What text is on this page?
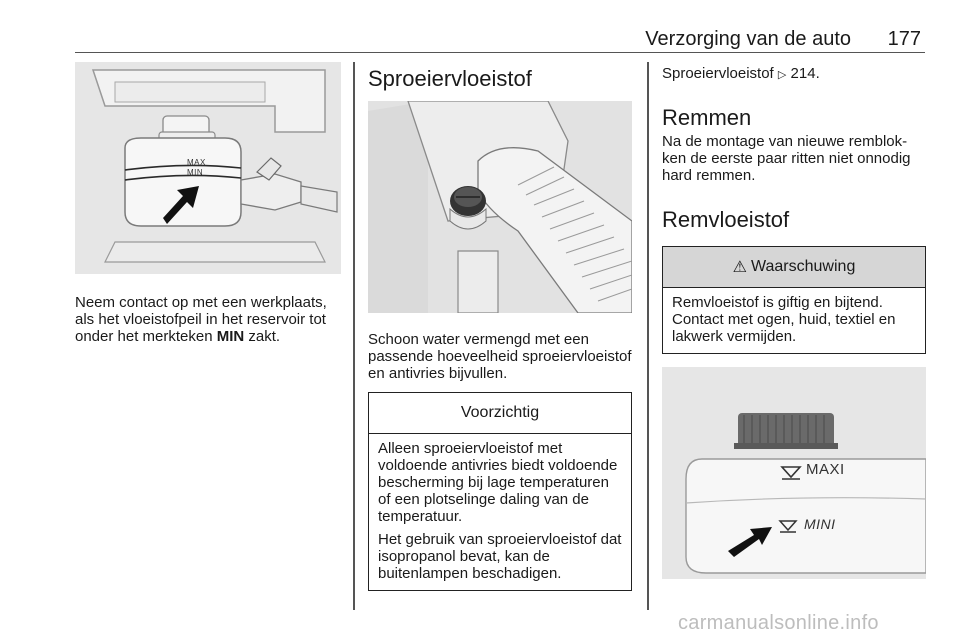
Verzorging van de auto 177
MAX
MIN

Neem contact op met een werkplaats, als het vloeistofpeil in het reservoir tot onder het merkteken MIN zakt.

Sproeiervloeistof

Schoon water vermengd met een passende hoeveelheid sproeiervloeistof en antivries bijvullen.

Voorzichtig

Alleen sproeiervloeistof met voldoende antivries biedt voldoende bescherming bij lage temperaturen of een plotselinge daling van de temperatuur.

Het gebruik van sproeiervloeistof dat isopropanol bevat, kan de buitenlampen beschadigen.

Sproeiervloeistof ▷ 214.

Remmen

Na de montage van nieuwe remblokken de eerste paar ritten niet onnodig hard remmen.

Remvloeistof
⚠ Waarschuwing

Remvloeistof is giftig en bijtend. Contact met ogen, huid, textiel en lakwerk vermijden.

MAXI
MINI
carmanualsonline.info
